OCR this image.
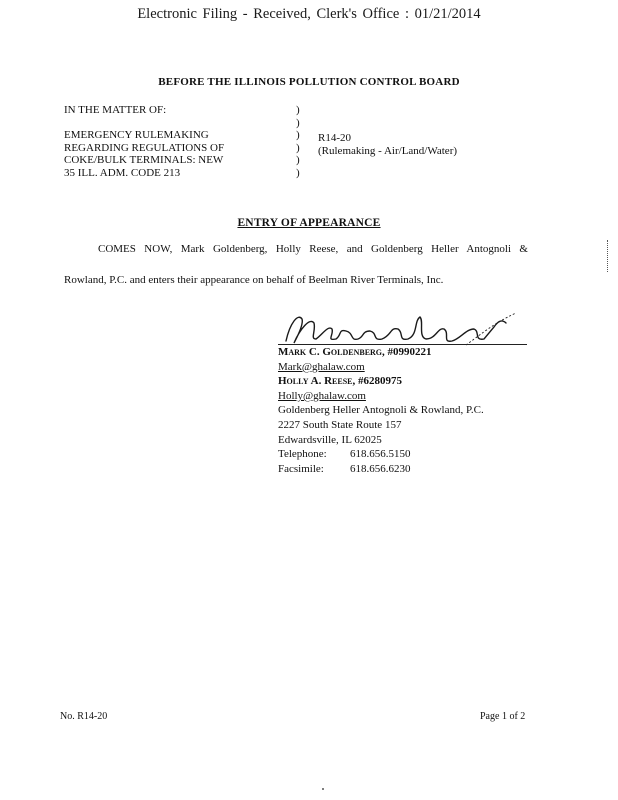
Electronic Filing - Received, Clerk's Office : 01/21/2014
BEFORE THE ILLINOIS POLLUTION CONTROL BOARD
IN THE MATTER OF:
EMERGENCY RULEMAKING
REGARDING REGULATIONS OF
COKE/BULK TERMINALS: NEW
35 ILL. ADM. CODE 213
)
)
)
)
)
)
R14-20
(Rulemaking - Air/Land/Water)
ENTRY OF APPEARANCE
COMES NOW, Mark Goldenberg, Holly Reese, and Goldenberg Heller Antognoli &
Rowland, P.C. and enters their appearance on behalf of Beelman River Terminals, Inc.
Mark C. Goldenberg, #0990221
Mark@ghalaw.com
Holly A. Reese, #6280975
Holly@ghalaw.com
Goldenberg Heller Antognoli & Rowland, P.C.
2227 South State Route 157
Edwardsville, IL 62025
Telephone:	618.656.5150
Facsimile:	618.656.6230
No. R14-20	Page 1 of 2
